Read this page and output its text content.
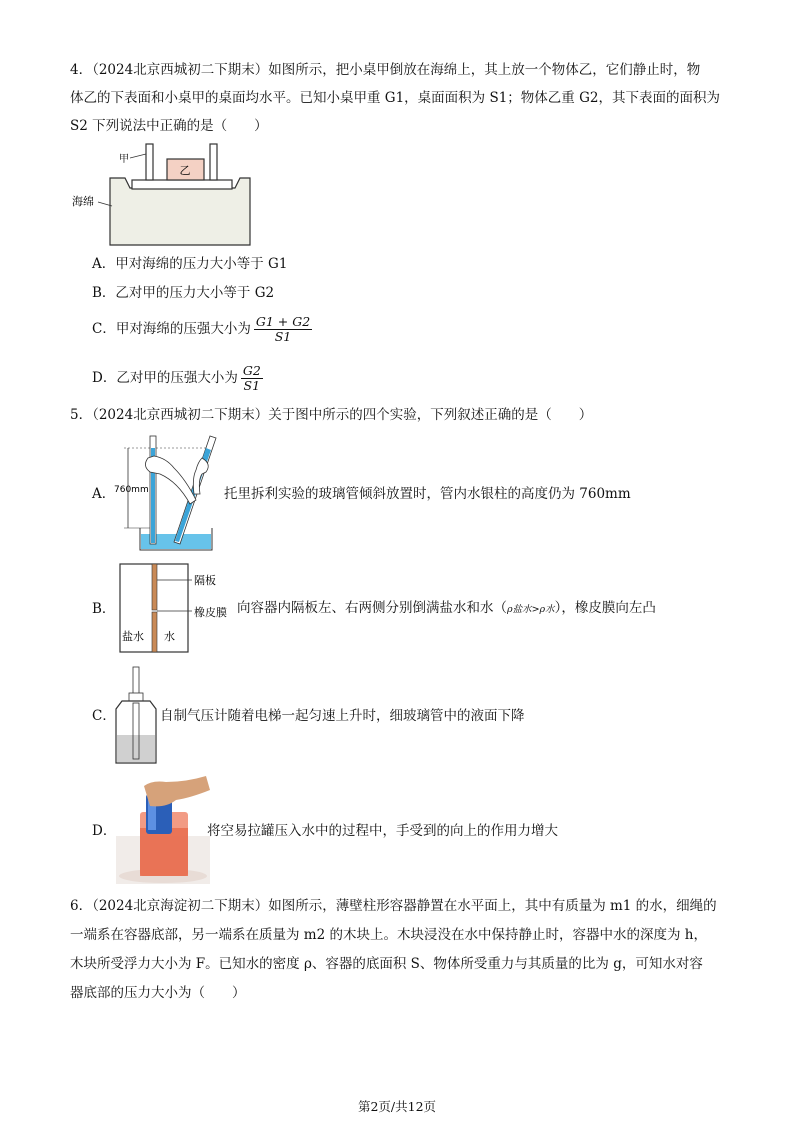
4．（2024北京西城初二下期末）如图所示，把小桌甲倒放在海绵上，其上放一个物体乙，它们静止时，物
体乙的下表面和小桌甲的桌面均水平。已知小桌甲重 G1，桌面面积为 S1；物体乙重 G2，其下表面的面积为
S2 下列说法中正确的是（　　）
乙
甲
海绵
A．甲对海绵的压力大小等于 G1
B．乙对甲的压力大小等于 G2
C．甲对海绵的压强大小为 $\frac{G1 + G2}{S1}$
D．乙对甲的压强大小为 $\frac{G2}{S1}$
5．（2024北京西城初二下期末）关于图中所示的四个实验，下列叙述正确的是（　　）
A．
760mm	托里拆利实验的玻璃管倾斜放置时，管内水银柱的高度仍为 760mm
B．
隔板
橡皮膜
盐水 水
向容器内隔板左、右两侧分别倒满盐水和水（ρ盐水>ρ水），橡皮膜向左凸
C．	自制气压计随着电梯一起匀速上升时，细玻璃管中的液面下降
D．	将空易拉罐压入水中的过程中，手受到的向上的作用力增大
6．（2024北京海淀初二下期末）如图所示，薄壁柱形容器静置在水平面上，其中有质量为 m1 的水，细绳的
一端系在容器底部，另一端系在质量为 m2 的木块上。木块浸没在水中保持静止时，容器中水的深度为 h，
木块所受浮力大小为 F。已知水的密度 ρ、容器的底面积 S、物体所受重力与其质量的比为 g，可知水对容
器底部的压力大小为（　　）
第2页/共12页
